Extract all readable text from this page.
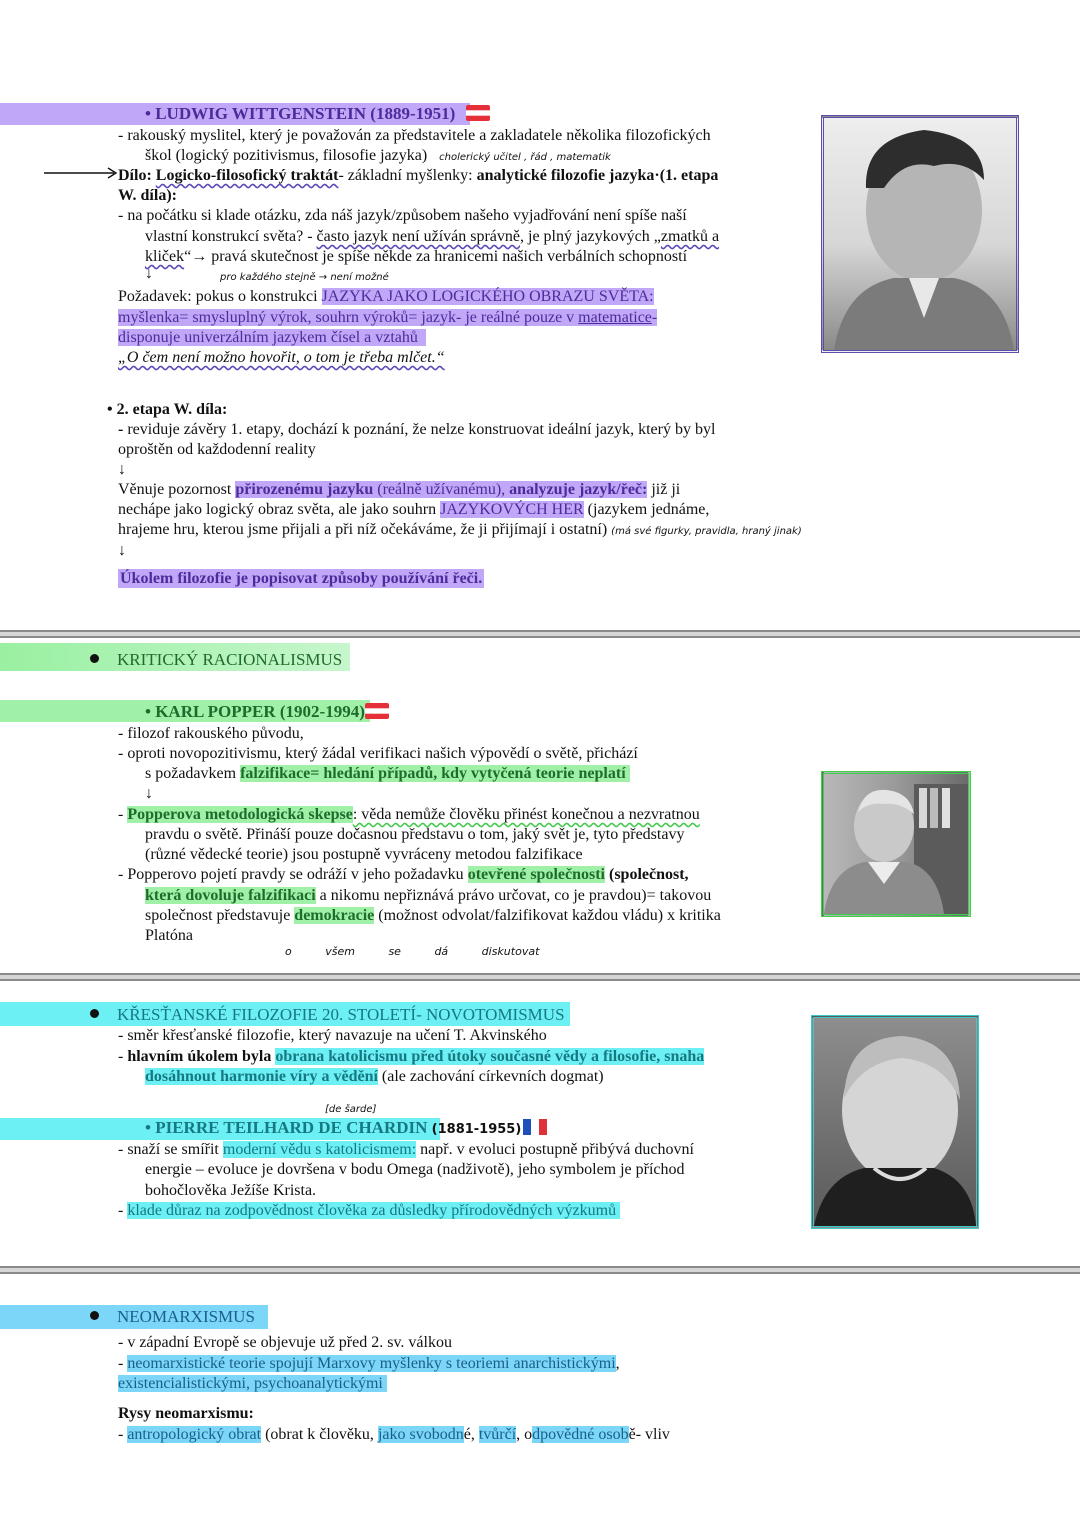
• LUDWIG WITTGENSTEIN (1889-1951)
- rakouský myslitel, který je považován za představitele a zakladatele několika filozofických
škol (logický pozitivismus, filosofie jazyka) cholerický učitel , řád , matematik
Dílo: Logicko-filosofický traktát- základní myšlenky: analytické filozofie jazyka·(1. etapa
W. díla):
- na počátku si klade otázku, zda náš jazyk/způsobem našeho vyjadřování není spíše naší
vlastní konstrukcí světa? - často jazyk není užíván správně, je plný jazykových „zmatků a
kliček“→ pravá skutečnost je spíše někde za hranicemi našich verbálních schopností
↓	pro každého stejně → není možné
Požadavek: pokus o konstrukci JAZYKA JAKO LOGICKÉHO OBRAZU SVĚTA:
myšlenka= smysluplný výrok, souhrn výroků= jazyk- je reálné pouze v matematice-
disponuje univerzálním jazykem čísel a vztahů
„O čem není možno hovořit, o tom je třeba mlčet.“
• 2. etapa W. díla:
- reviduje závěry 1. etapy, dochází k poznání, že nelze konstruovat ideální jazyk, který by byl
oproštěn od každodenní reality
↓
Věnuje pozornost přirozenému jazyku (reálně užívanému), analyzuje jazyk/řeč: již ji
nechápe jako logický obraz světa, ale jako souhrn JAZYKOVÝCH HER (jazykem jednáme,
hrajeme hru, kterou jsme přijali a při níž očekáváme, že ji přijímají i ostatní) (má své figurky, pravidla, hraný jinak)
↓
Úkolem filozofie je popisovat způsoby používání řeči.
KRITICKÝ RACIONALISMUS
• KARL POPPER (1902-1994)
- filozof rakouského původu,
- oproti novopozitivismu, který žádal verifikaci našich výpovědí o světě, přichází
s požadavkem falzifikace= hledání případů, kdy vytyčená teorie neplatí
↓
- Popperova metodologická skepse: věda nemůže člověku přinést konečnou a nezvratnou
pravdu o světě. Přináší pouze dočasnou představu o tom, jaký svět je, tyto představy
(různé vědecké teorie) jsou postupně vyvráceny metodou falzifikace
- Popperovo pojetí pravdy se odráží v jeho požadavku otevřené společnosti (společnost,
která dovoluje falzifikaci a nikomu nepřiznává právo určovat, co je pravdou)= takovou
společnost představuje demokracie (možnost odvolat/falzifikovat každou vládu) x kritika
Platóna
o všem se dá diskutovat
KŘESŤANSKÉ FILOZOFIE 20. STOLETÍ- NOVOTOMISMUS
- směr křesťanské filozofie, který navazuje na učení T. Akvinského
- hlavním úkolem byla obrana katolicismu před útoky současné vědy a filosofie, snaha
dosáhnout harmonie víry a vědění (ale zachování církevních dogmat)
[de šarde]
• PIERRE TEILHARD DE CHARDIN (1881-1955)
- snaží se smířit moderní vědu s katolicismem: např. v evoluci postupně přibývá duchovní
energie – evoluce je dovršena v bodu Omega (nadživotě), jeho symbolem je příchod
bohočlověka Ježíše Krista.
- klade důraz na zodpovědnost člověka za důsledky přírodovědných výzkumů
NEOMARXISMUS
- v západní Evropě se objevuje už před 2. sv. válkou
- neomarxistické teorie spojují Marxovy myšlenky s teoriemi anarchistickými,
existencialistickými, psychoanalytickými
Rysy neomarxismu:
- antropologický obrat (obrat k člověku, jako svobodné, tvůrčí, odpovědné osobě- vliv
